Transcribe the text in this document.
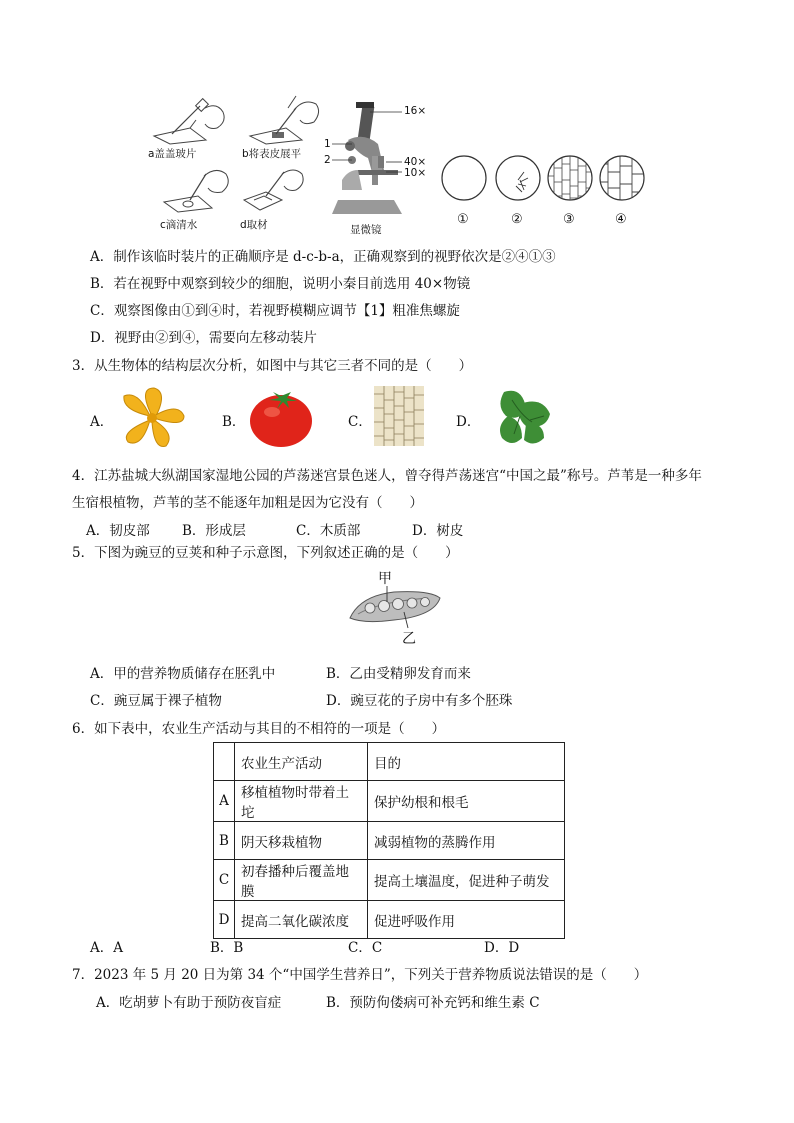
a盖盖玻片	b将表皮展平
c滴清水	d取材
1
2
16×
40×
10×
显微镜
①	②	③	④
A．制作该临时装片的正确顺序是 d-c-b-a，正确观察到的视野依次是②④①③
B．若在视野中观察到较少的细胞，说明小秦目前选用 40×物镜
C．观察图像由①到④时，若视野模糊应调节【1】粗准焦螺旋
D．视野由②到④，需要向左移动装片
3．从生物体的结构层次分析，如图中与其它三者不同的是（　　）
A．	B．	C．	D．
4．江苏盐城大纵湖国家湿地公园的芦荡迷宫景色迷人，曾夺得芦荡迷宫“中国之最”称号。芦苇是一种多年
生宿根植物，芦苇的茎不能逐年加粗是因为它没有（　　）
A．韧皮部 B．形成层	C．木质部	D．树皮
5．下图为豌豆的豆荚和种子示意图，下列叙述正确的是（　　）
甲
乙
A．甲的营养物质储存在胚乳中	B．乙由受精卵发育而来
C．豌豆属于裸子植物	D．豌豆花的子房中有多个胚珠
6．如下表中，农业生产活动与其目的不相符的一项是（　　）
	农业生产活动	目的
A	移植植物时带着土坨	保护幼根和根毛
B	阴天移栽植物	减弱植物的蒸腾作用
C	初春播种后覆盖地膜	提高土壤温度，促进种子萌发
D	提高二氧化碳浓度	促进呼吸作用
A．A	B．B	C．C	D．D
7．2023 年 5 月 20 日为第 34 个“中国学生营养日”，下列关于营养物质说法错误的是（　　）
A．吃胡萝卜有助于预防夜盲症	B．预防佝偻病可补充钙和维生素 C
